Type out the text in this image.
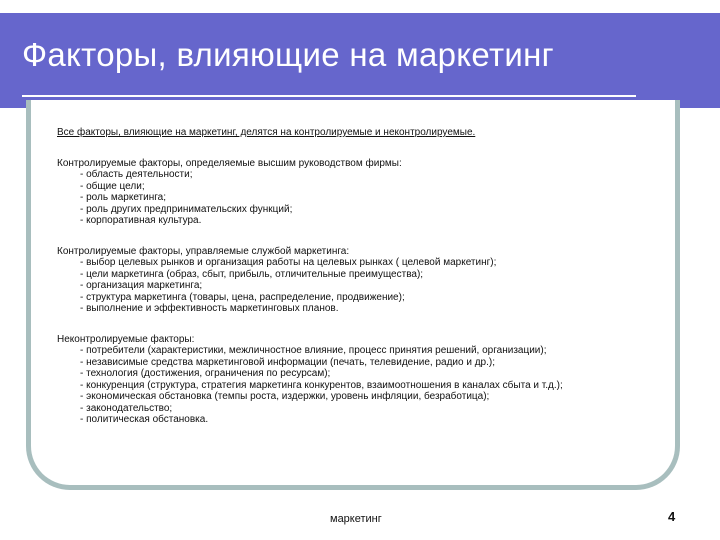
Факторы, влияющие на маркетинг

Все факторы, влияющие на маркетинг, делятся на контролируемые и неконтролируемые.

Контролируемые факторы, определяемые высшим руководством фирмы:

- область деятельности;
- общие цели;
- роль маркетинга;
- роль других предпринимательских функций;
- корпоративная культура.

Контролируемые факторы, управляемые службой маркетинга:

- выбор целевых рынков и организация работы на целевых рынках ( целевой маркетинг);
- цели маркетинга (образ, сбыт, прибыль, отличительные преимущества);
- организация маркетинга;
- структура маркетинга (товары, цена, распределение, продвижение);
- выполнение и эффективность маркетинговых планов.

Неконтролируемые факторы:

- потребители (характеристики, межличностное влияние, процесс принятия решений, организации);
- независимые средства маркетинговой информации (печать, телевидение, радио и др.);
- технология (достижения, ограничения по ресурсам);
- конкуренция (структура, стратегия маркетинга конкурентов, взаимоотношения в каналах сбыта и т.д.);
- экономическая обстановка (темпы роста, издержки, уровень инфляции, безработица);
- законодательство;
- политическая обстановка.
маркетинг	4
